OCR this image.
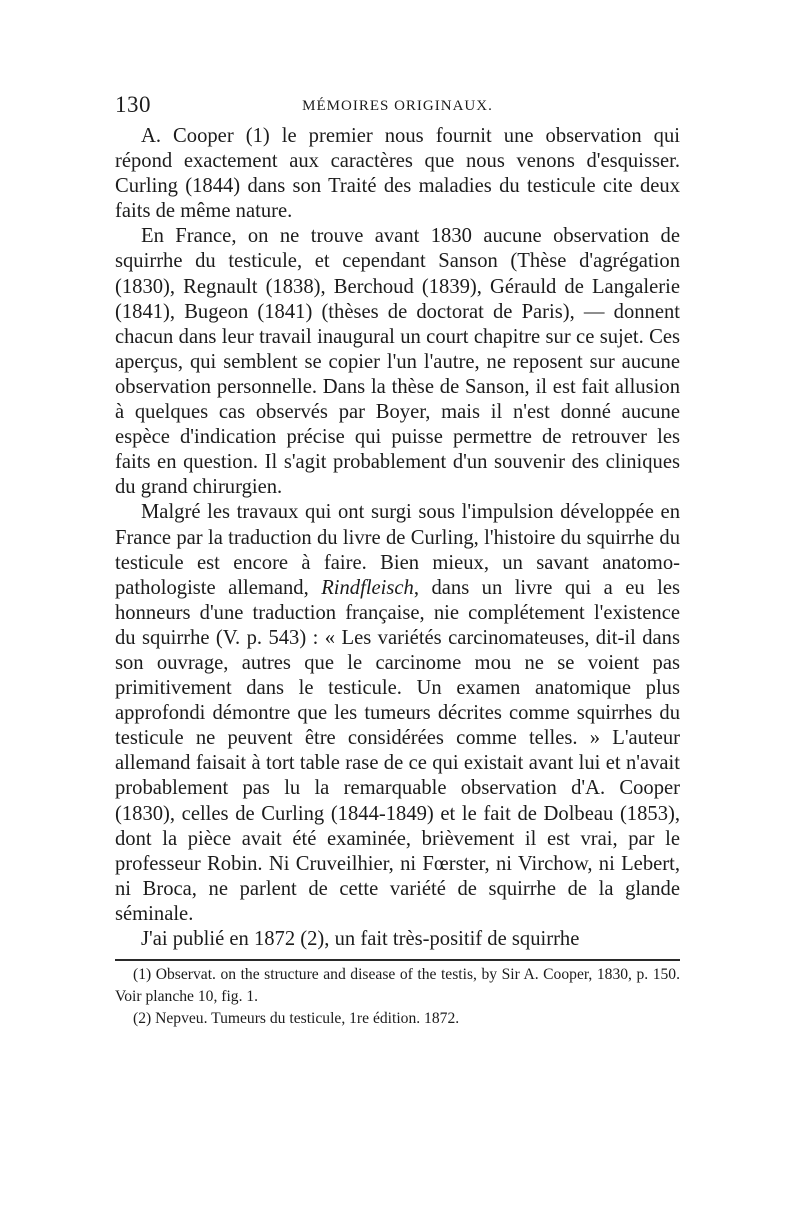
130	MÉMOIRES ORIGINAUX.

A. Cooper (1) le premier nous fournit une observation qui répond exactement aux caractères que nous venons d'esquisser. Curling (1844) dans son Traité des maladies du testicule cite deux faits de même nature.

En France, on ne trouve avant 1830 aucune observation de squirrhe du testicule, et cependant Sanson (Thèse d'agrégation (1830), Regnault (1838), Berchoud (1839), Gérauld de Langalerie (1841), Bugeon (1841) (thèses de doctorat de Paris), — donnent chacun dans leur travail inaugural un court chapitre sur ce sujet. Ces aperçus, qui semblent se copier l'un l'autre, ne reposent sur aucune observation personnelle. Dans la thèse de Sanson, il est fait allusion à quelques cas observés par Boyer, mais il n'est donné aucune espèce d'indication précise qui puisse permettre de retrouver les faits en question. Il s'agit probablement d'un souvenir des cliniques du grand chirurgien.

Malgré les travaux qui ont surgi sous l'impulsion développée en France par la traduction du livre de Curling, l'histoire du squirrhe du testicule est encore à faire. Bien mieux, un savant anatomo-pathologiste allemand, Rindfleisch, dans un livre qui a eu les honneurs d'une traduction française, nie complétement l'existence du squirrhe (V. p. 543) : « Les variétés carcinomateuses, dit-il dans son ouvrage, autres que le carcinome mou ne se voient pas primitivement dans le testicule. Un examen anatomique plus approfondi démontre que les tumeurs décrites comme squirrhes du testicule ne peuvent être considérées comme telles. » L'auteur allemand faisait à tort table rase de ce qui existait avant lui et n'avait probablement pas lu la remarquable observation d'A. Cooper (1830), celles de Curling (1844-1849) et le fait de Dolbeau (1853), dont la pièce avait été examinée, brièvement il est vrai, par le professeur Robin. Ni Cruveilhier, ni Fœrster, ni Virchow, ni Lebert, ni Broca, ne parlent de cette variété de squirrhe de la glande séminale.

J'ai publié en 1872 (2), un fait très-positif de squirrhe

(1) Observat. on the structure and disease of the testis, by Sir A. Cooper, 1830, p. 150. Voir planche 10, fig. 1.

(2) Nepveu. Tumeurs du testicule, 1re édition. 1872.
